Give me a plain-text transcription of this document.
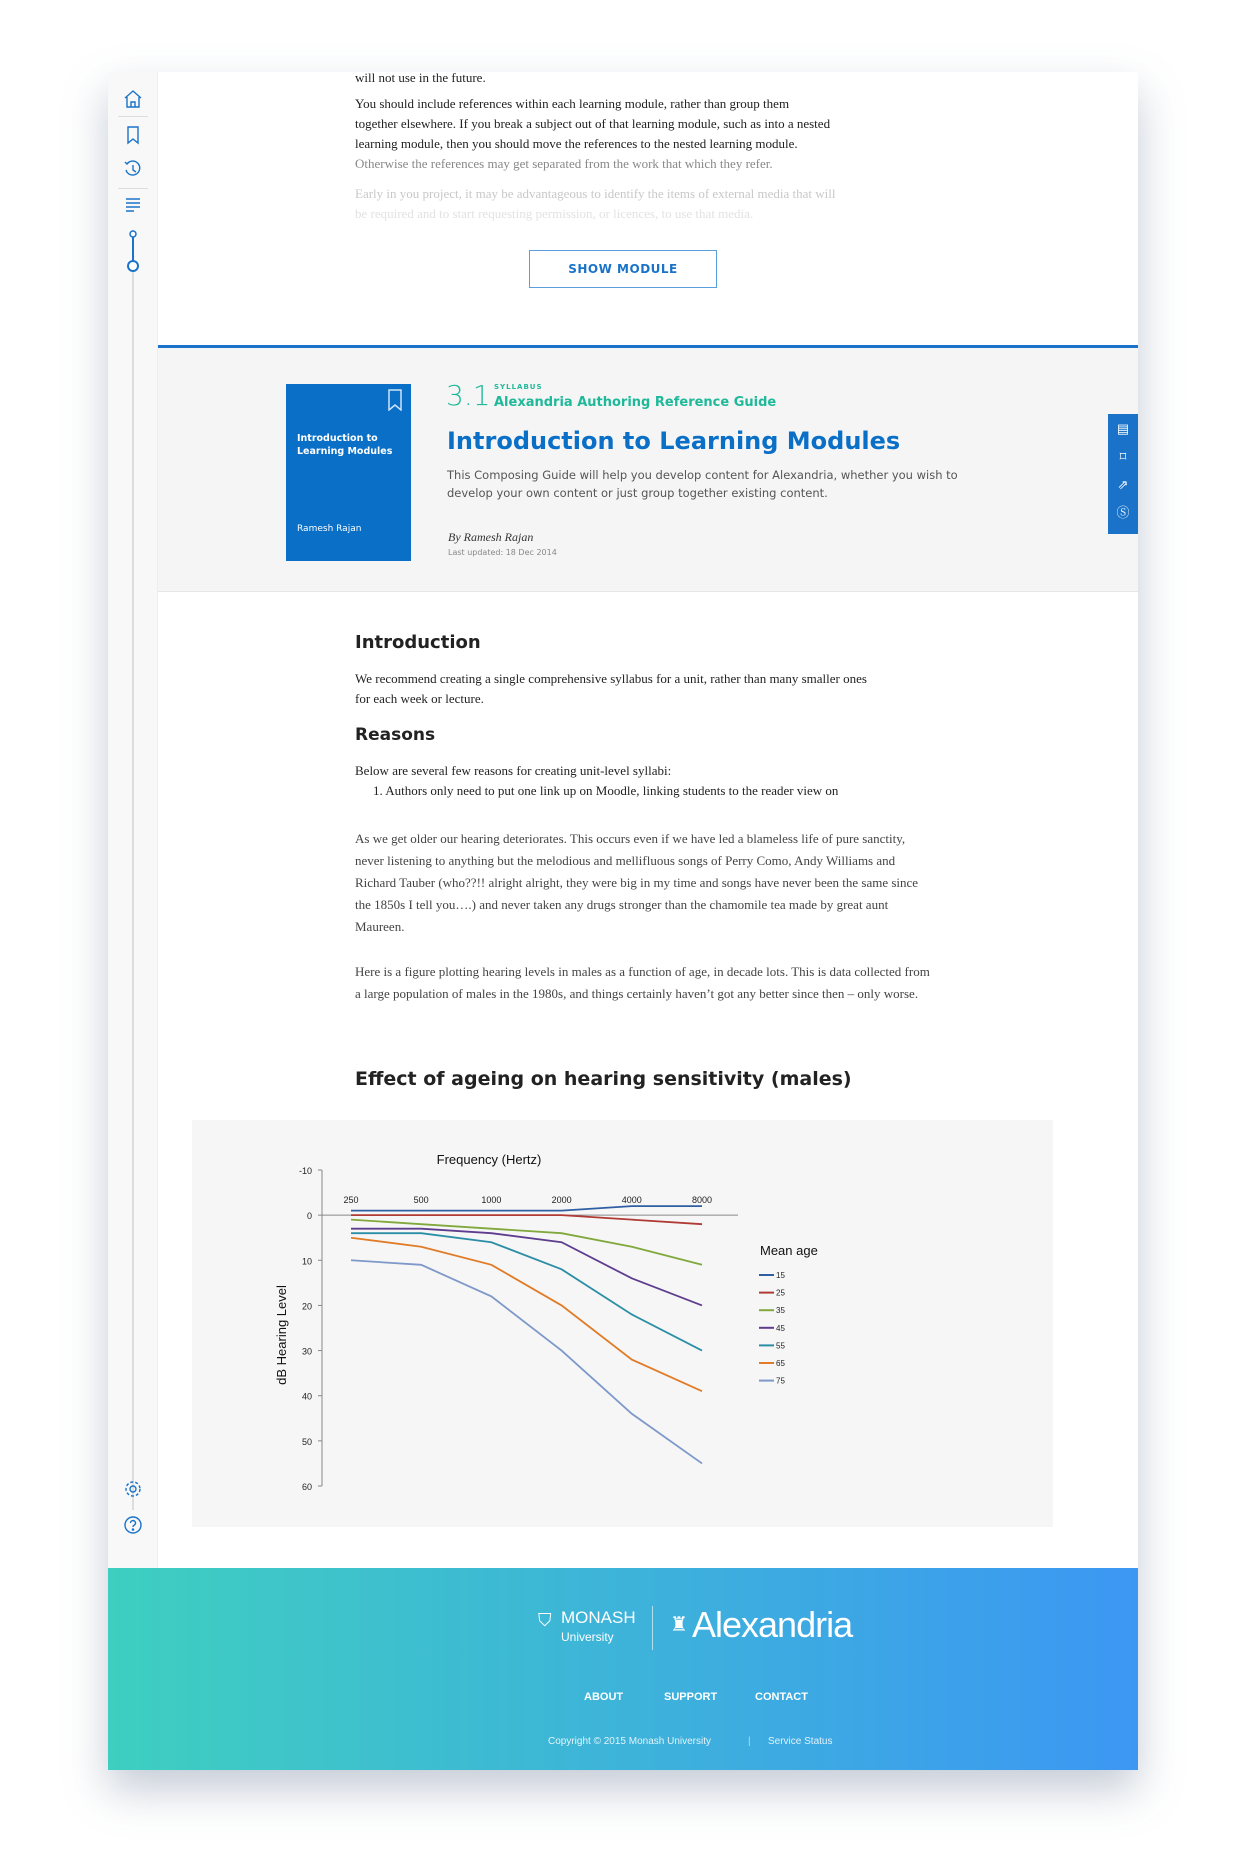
will not use in the future.
You should include references within each learning module, rather than group them
together elsewhere. If you break a subject out of that learning module, such as into a nested
learning module, then you should move the references to the nested learning module.
Otherwise the references may get separated from the work that which they refer.
Early in you project, it may be advantageous to identify the items of external media that will
be required and to start requesting permission, or licences, to use that media.
SHOW MODULE
Introduction to Learning Modules
Ramesh Rajan
3.1 SYLLABUS
Alexandria Authoring Reference Guide
Introduction to Learning Modules
This Composing Guide will help you develop content for Alexandria, whether you wish to develop your own content or just group together existing content.
By Ramesh Rajan
Last updated: 18 Dec 2014
▤
⌑
⇗
Ⓢ
Introduction
We recommend creating a single comprehensive syllabus for a unit, rather than many smaller ones for each week or lecture.
Reasons
Below are several few reasons for creating unit-level syllabi:
1. Authors only need to put one link up on Moodle, linking students to the reader view on
As we get older our hearing deteriorates. This occurs even if we have led a blameless life of pure sanctity, never listening to anything but the melodious and mellifluous songs of Perry Como, Andy Williams and Richard Tauber (who??!! alright alright, they were big in my time and songs have never been the same since the 1850s I tell you….) and never taken any drugs stronger than the chamomile tea made by great aunt Maureen.
Here is a figure plotting hearing levels in males as a function of age, in decade lots. This is data collected from a large population of males in the 1980s, and things certainly haven’t got any better since then – only worse.
Effect of ageing on hearing sensitivity (males)
-10
0
10
20
30
40
50
60
250	500	1000	2000	4000	8000
Frequency (Hertz)
dB Hearing Level
Mean age
15
25
35
45
55
65
75
⛉ MONASH
University
♜ Alexandria
ABOUT	SUPPORT	CONTACT
Copyright © 2015 Monash University	| Service Status
